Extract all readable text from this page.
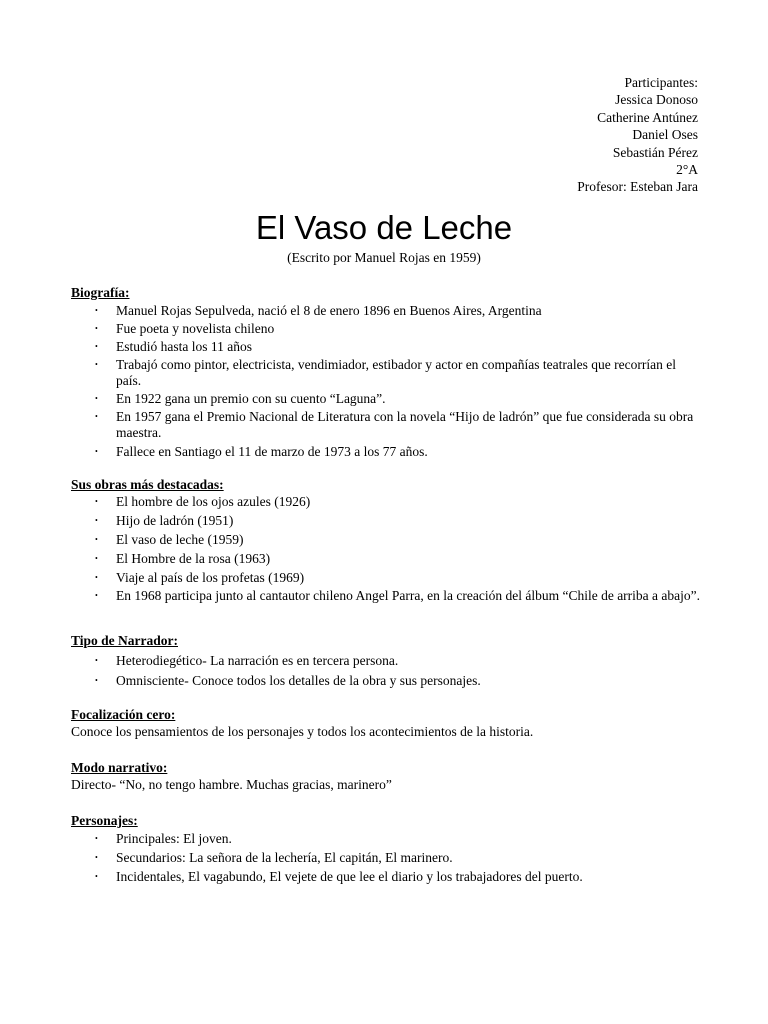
Participantes:
Jessica Donoso
Catherine Antúnez
Daniel Oses
Sebastián Pérez
2°A
Profesor: Esteban Jara
El Vaso de Leche
(Escrito por Manuel Rojas en 1959)
Biografía:
• Manuel Rojas Sepulveda, nació el 8 de enero 1896 en Buenos Aires, Argentina
• Fue poeta y novelista chileno
• Estudió hasta los 11 años
• Trabajó como pintor, electricista, vendimiador, estibador y actor en compañías teatrales que recorrían el país.
• En 1922 gana un premio con su cuento “Laguna”.
• En 1957 gana el Premio Nacional de Literatura con la novela “Hijo de ladrón” que fue considerada su obra maestra.
• Fallece en Santiago el 11 de marzo de 1973 a los 77 años.
Sus obras más destacadas:
• El hombre de los ojos azules (1926)
• Hijo de ladrón (1951)
• El vaso de leche (1959)
• El Hombre de la rosa (1963)
• Viaje al país de los profetas (1969)
• En 1968 participa junto al cantautor chileno Angel Parra, en la creación del álbum “Chile de arriba a abajo”.
Tipo de Narrador:
• Heterodiegético- La narración es en tercera persona.
• Omnisciente- Conoce todos los detalles de la obra y sus personajes.
Focalización cero:
Conoce los pensamientos de los personajes y todos los acontecimientos de la historia.
Modo narrativo:
Directo- “No, no tengo hambre. Muchas gracias, marinero”
Personajes:
• Principales: El joven.
• Secundarios: La señora de la lechería, El capitán, El marinero.
• Incidentales, El vagabundo, El vejete de que lee el diario y los trabajadores del puerto.
